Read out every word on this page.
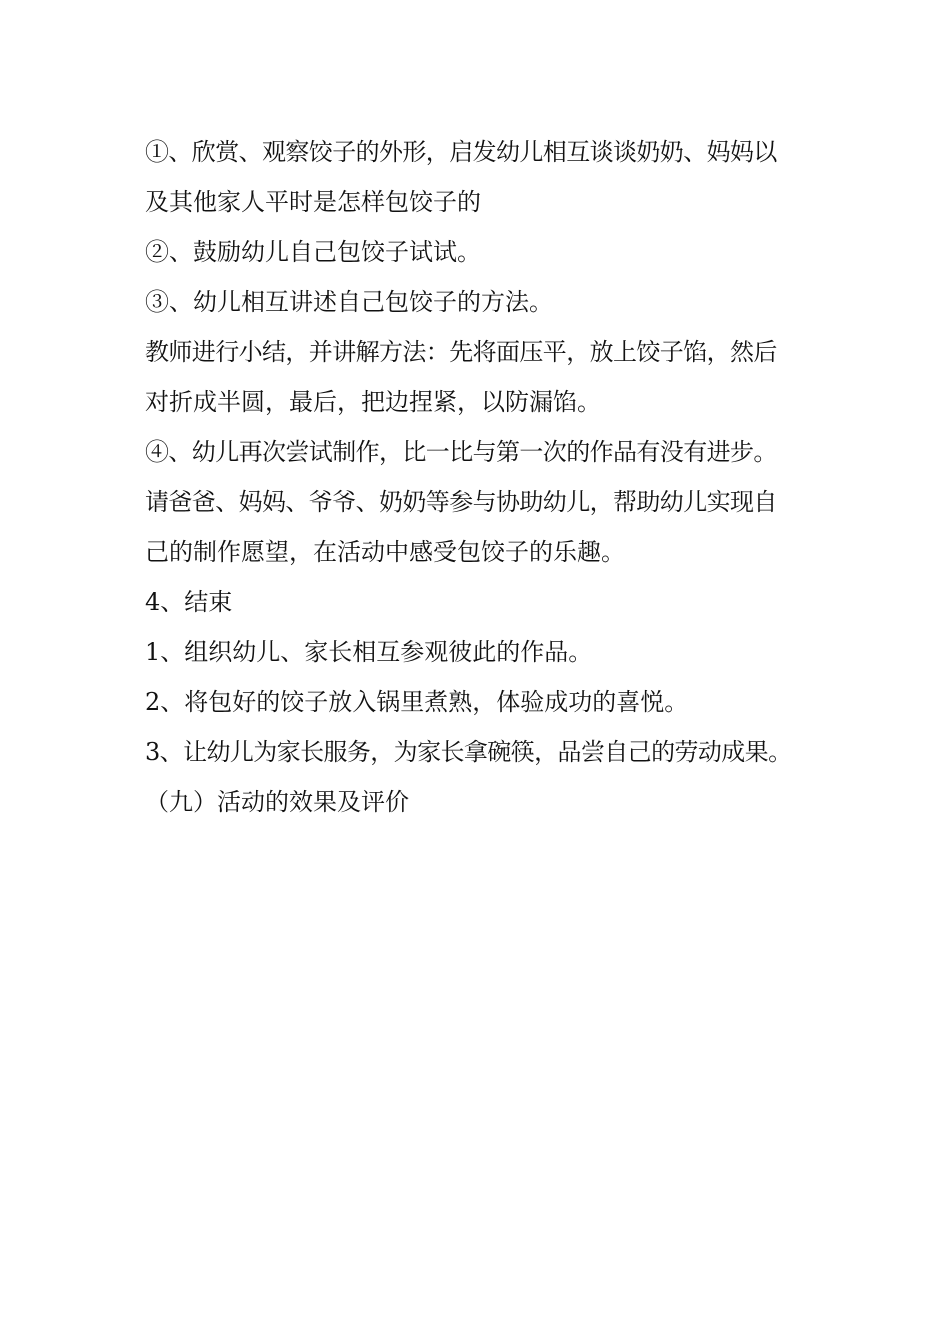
①、欣赏、观察饺子的外形，启发幼儿相互谈谈奶奶、妈妈以
及其他家人平时是怎样包饺子的
②、鼓励幼儿自己包饺子试试。
③、幼儿相互讲述自己包饺子的方法。
教师进行小结，并讲解方法：先将面压平，放上饺子馅，然后
对折成半圆，最后，把边捏紧，以防漏馅。
④、幼儿再次尝试制作，比一比与第一次的作品有没有进步。
请爸爸、妈妈、爷爷、奶奶等参与协助幼儿，帮助幼儿实现自
己的制作愿望，在活动中感受包饺子的乐趣。
4、结束
1、组织幼儿、家长相互参观彼此的作品。
2、将包好的饺子放入锅里煮熟，体验成功的喜悦。
3、让幼儿为家长服务，为家长拿碗筷，品尝自己的劳动成果。
（九）活动的效果及评价
